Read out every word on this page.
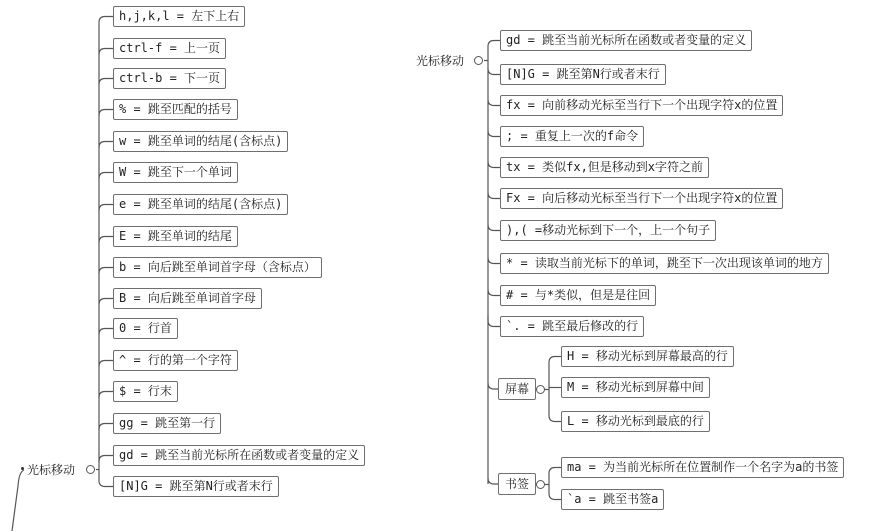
光标移动
h,j,k,l = 左下上右
ctrl-f = 上一页
ctrl-b = 下一页
% = 跳至匹配的括号
w = 跳至单词的结尾(含标点)
W = 跳至下一个单词
e = 跳至单词的结尾(含标点)
E = 跳至单词的结尾
b = 向后跳至单词首字母（含标点）
B = 向后跳至单词首字母
0 = 行首
^ = 行的第一个字符
$ = 行末
gg = 跳至第一行
gd = 跳至当前光标所在函数或者变量的定义
[N]G = 跳至第N行或者末行
光标移动
gd = 跳至当前光标所在函数或者变量的定义
[N]G = 跳至第N行或者末行
fx = 向前移动光标至当行下一个出现字符x的位置
; = 重复上一次的f命令
tx = 类似fx,但是移动到x字符之前
Fx = 向后移动光标至当行下一个出现字符x的位置
),( =移动光标到下一个，上一个句子
* = 读取当前光标下的单词，跳至下一次出现该单词的地方
# = 与*类似，但是是往回
`. = 跳至最后修改的行
屏幕
H = 移动光标到屏幕最高的行
M = 移动光标到屏幕中间
L = 移动光标到最底的行
书签
ma = 为当前光标所在位置制作一个名字为a的书签
`a = 跳至书签a
